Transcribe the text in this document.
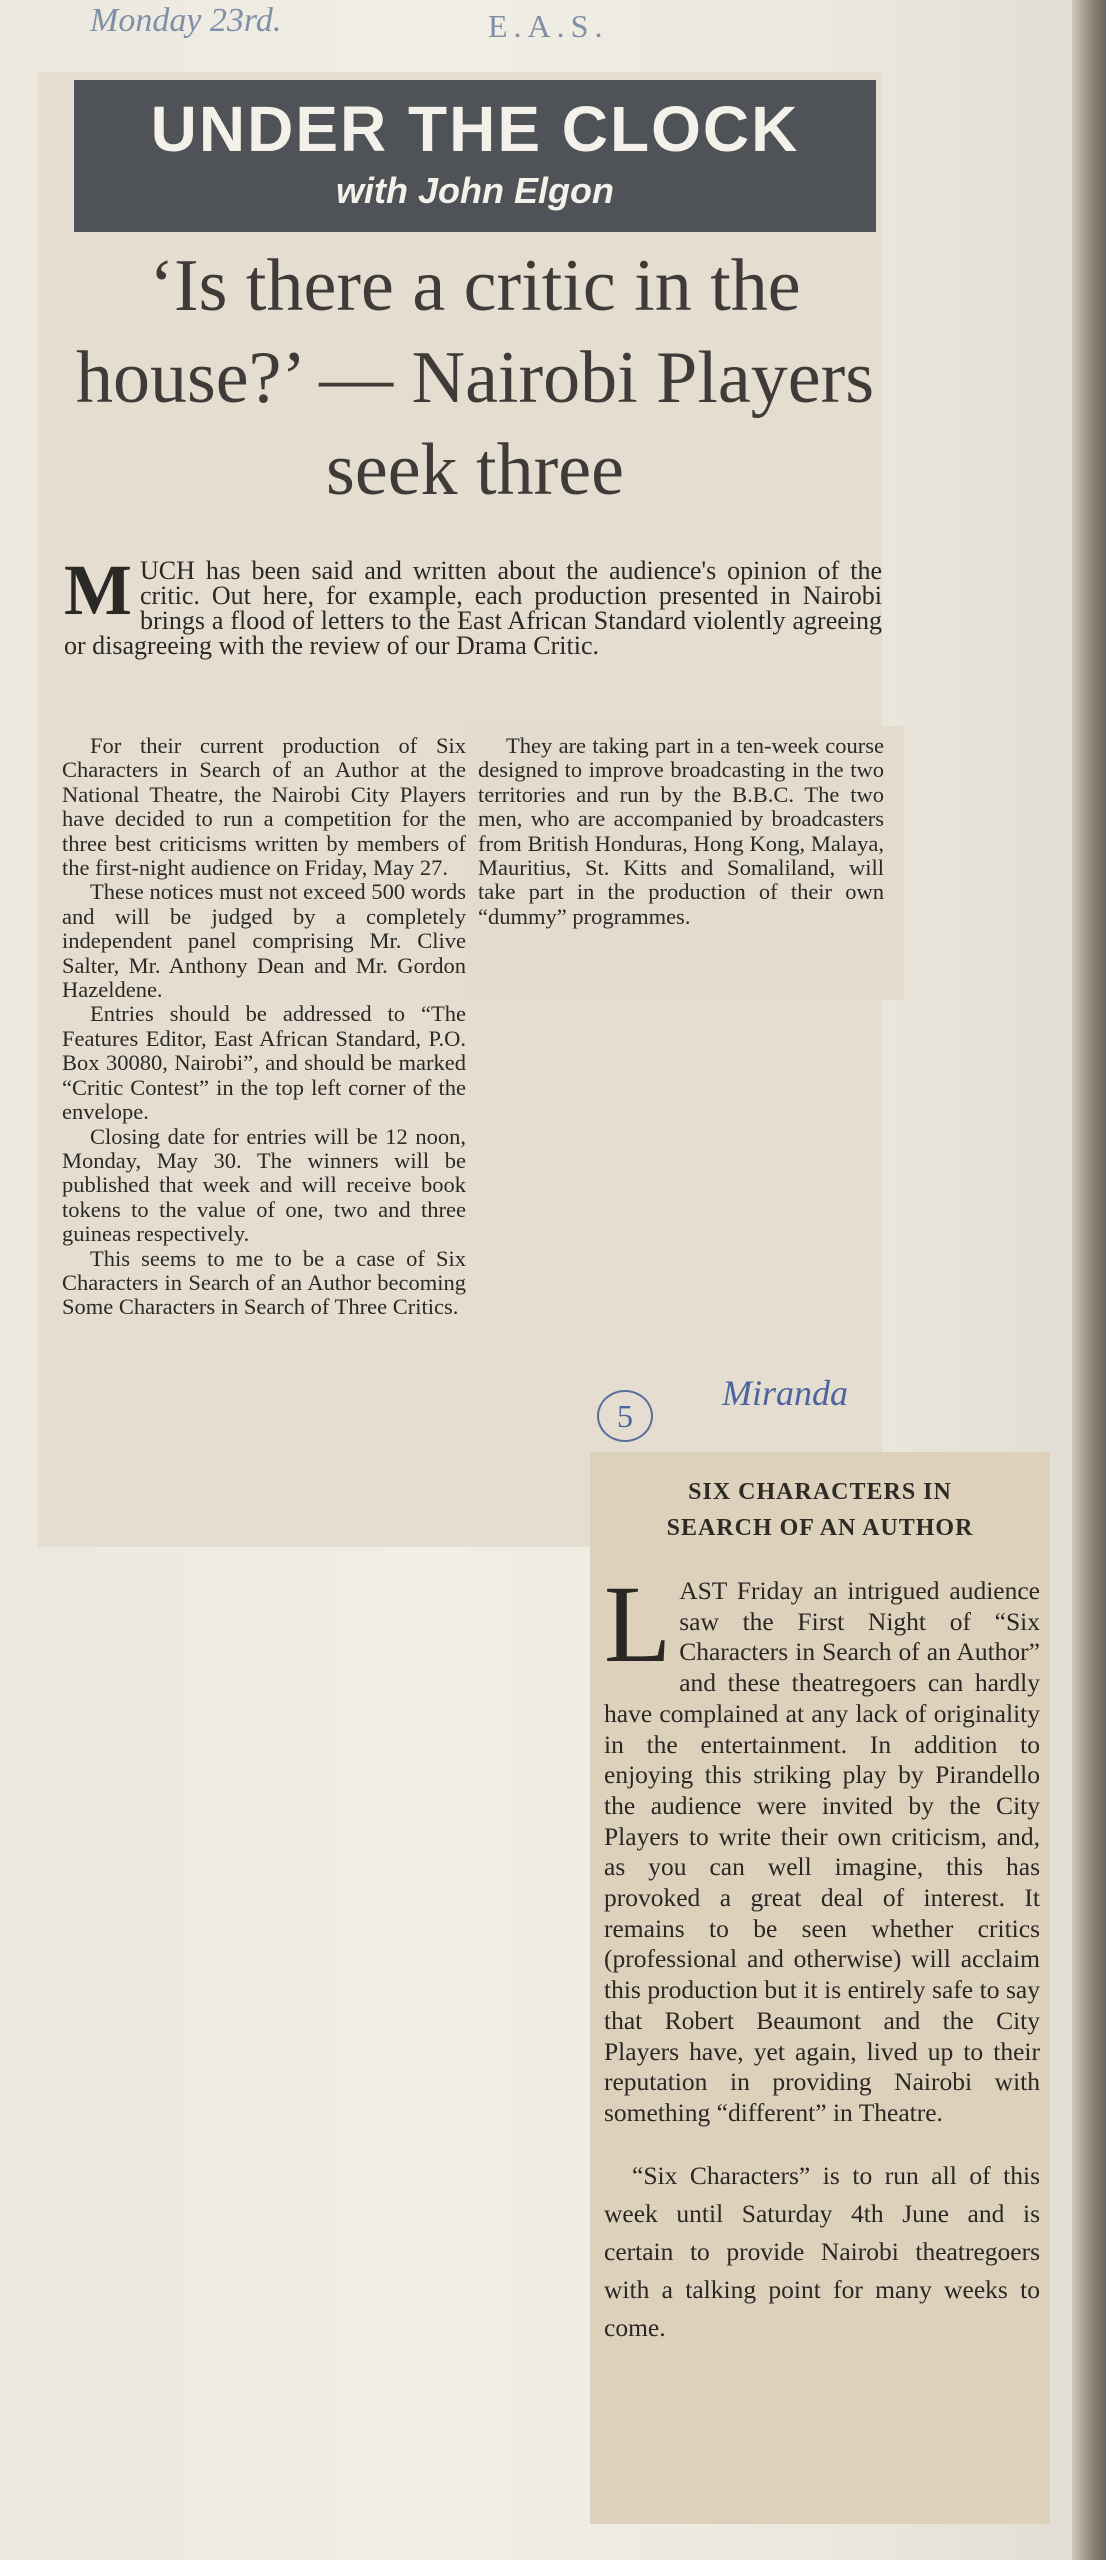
Monday 23rd.	E.A.S.
UNDER THE CLOCK
with John Elgon
‘Is there a critic in the house?’ — Nairobi Players seek three
M UCH has been said and written about the audience's opinion of the critic. Out here, for example, each production presented in Nairobi brings a flood of letters to the East African Standard violently agreeing or disagreeing with the review of our Drama Critic.

For their current production of Six Characters in Search of an Author at the National Theatre, the Nairobi City Players have decided to run a competition for the three best criticisms written by members of the first-night audience on Friday, May 27.

These notices must not exceed 500 words and will be judged by a completely independent panel comprising Mr. Clive Salter, Mr. Anthony Dean and Mr. Gordon Hazeldene.

Entries should be addressed to “The Features Editor, East African Standard, P.O. Box 30080, Nairobi”, and should be marked “Critic Contest” in the top left corner of the envelope.

Closing date for entries will be 12 noon, Monday, May 30. The winners will be published that week and will receive book tokens to the value of one, two and three guineas respectively.

This seems to me to be a case of Six Characters in Search of an Author becoming Some Characters in Search of Three Critics.

They are taking part in a ten-week course designed to improve broadcasting in the two territories and run by the B.B.C. The two men, who are accompanied by broadcasters from British Honduras, Hong Kong, Malaya, Mauritius, St. Kitts and Somaliland, will take part in the production of their own “dummy” programmes.

5
Miranda
SIX CHARACTERS IN
SEARCH OF AN AUTHOR

L AST Friday an intrigued audience saw the First Night of “Six Characters in Search of an Author” and these theatregoers can hardly have complained at any lack of originality in the entertainment. In addition to enjoying this striking play by Pirandello the audience were invited by the City Players to write their own criticism, and, as you can well imagine, this has provoked a great deal of interest. It remains to be seen whether critics (professional and otherwise) will acclaim this production but it is entirely safe to say that Robert Beaumont and the City Players have, yet again, lived up to their reputation in providing Nairobi with something “different” in Theatre.

“Six Characters” is to run all of this week until Saturday 4th June and is certain to provide Nairobi theatregoers with a talking point for many weeks to come.
